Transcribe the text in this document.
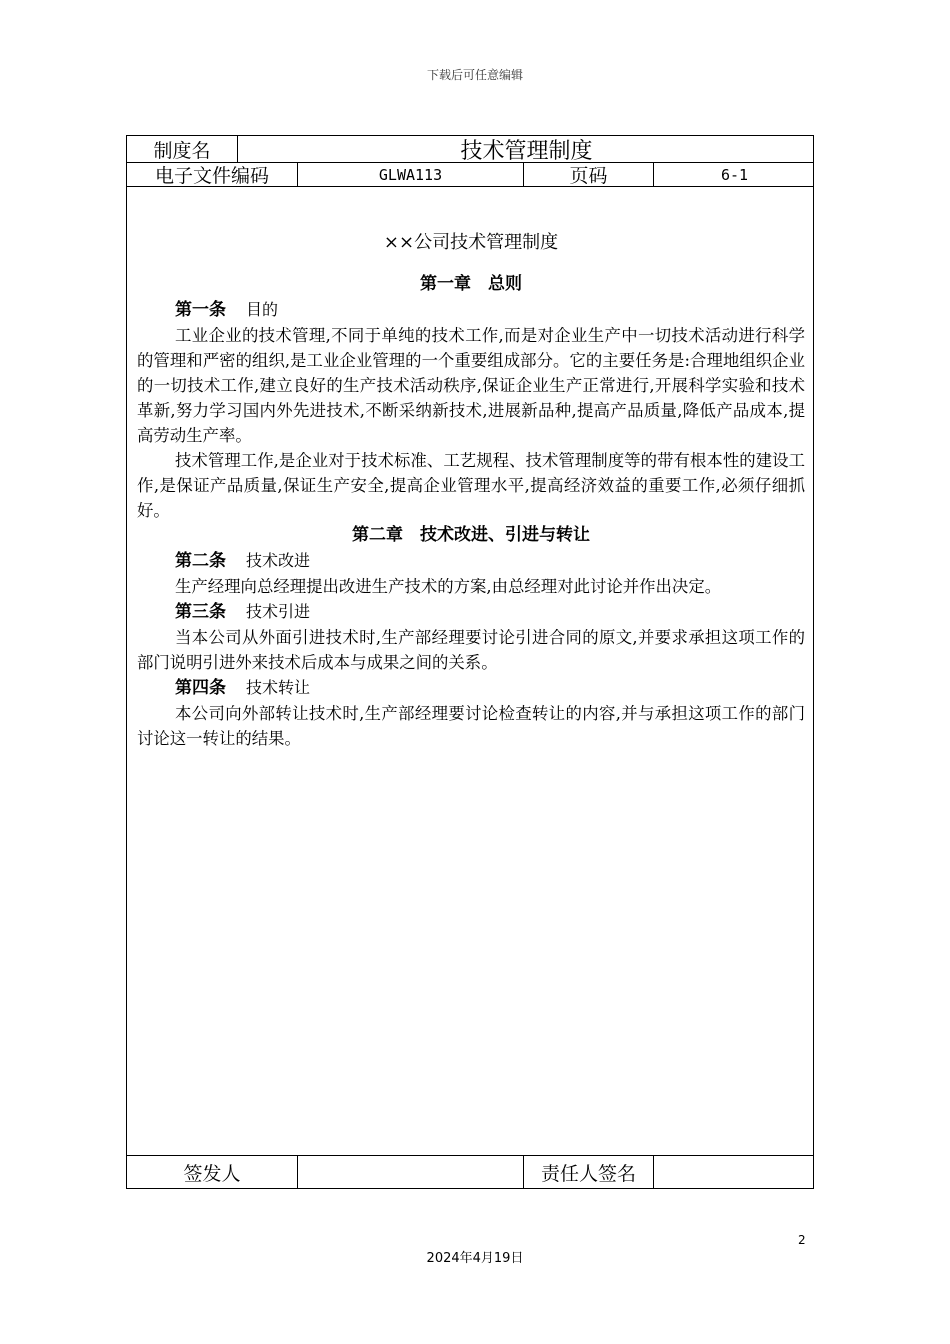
下载后可任意编辑
制度名	技术管理制度
电子文件编码	GLWA113	页码	6-1
××公司技术管理制度
第一章　总则
第一条 目的

工业企业的技术管理,不同于单纯的技术工作,而是对企业生产中一切技术活动进行科学的管理和严密的组织,是工业企业管理的一个重要组成部分。它的主要任务是:合理地组织企业的一切技术工作,建立良好的生产技术活动秩序,保证企业生产正常进行,开展科学实验和技术革新,努力学习国内外先进技术,不断采纳新技术,进展新品种,提高产品质量,降低产品成本,提高劳动生产率。

技术管理工作,是企业对于技术标准、工艺规程、技术管理制度等的带有根本性的建设工作,是保证产品质量,保证生产安全,提高企业管理水平,提高经济效益的重要工作,必须仔细抓好。

第二章　技术改进、引进与转让
第二条 技术改进

生产经理向总经理提出改进生产技术的方案,由总经理对此讨论并作出决定。

第三条 技术引进

当本公司从外面引进技术时,生产部经理要讨论引进合同的原文,并要求承担这项工作的部门说明引进外来技术后成本与成果之间的关系。

第四条 技术转让

本公司向外部转让技术时,生产部经理要讨论检查转让的内容,并与承担这项工作的部门讨论这一转让的结果。

签发人	责任人签名
2
2024年4月19日
